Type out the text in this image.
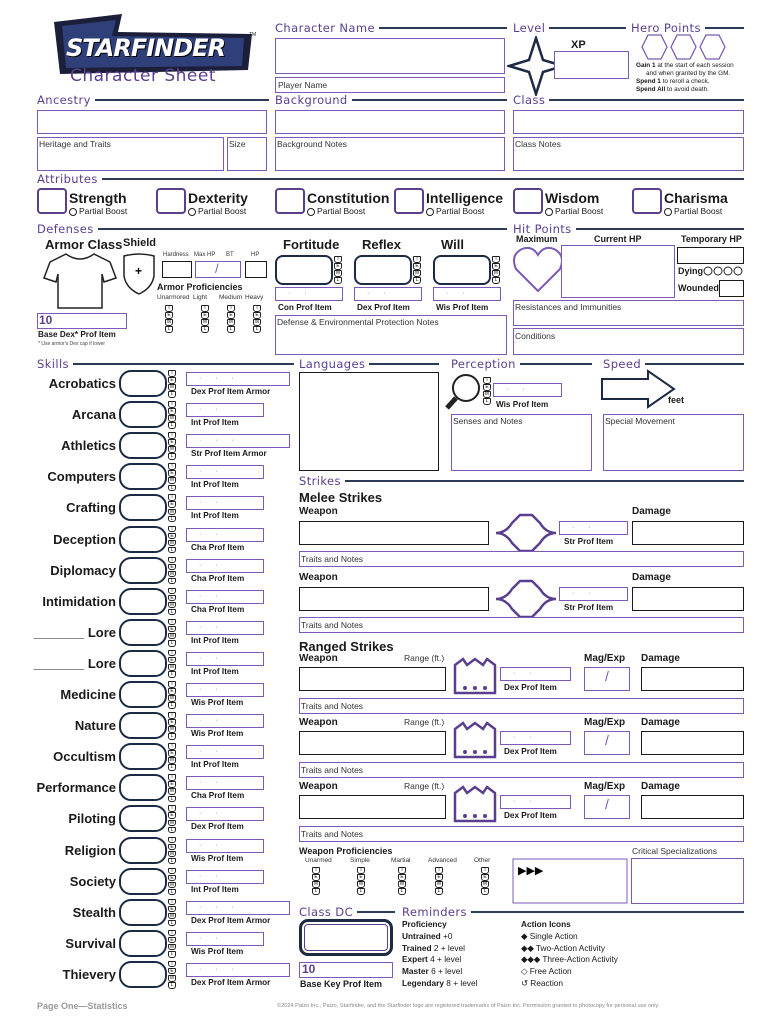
STARFINDER	TM
Character Sheet
Character Name
Player Name
Level
XP
Hero Points
Gain 1 at the start of each session
and when granted by the GM.
Spend 1 to reroll a check.
Spend All to avoid death.
Ancestry
Heritage and Traits	Size
Background
Background Notes
Class
Class Notes
Attributes
Strength
Partial Boost
Dexterity
Partial Boost
Constitution
Partial Boost
Intelligence
Partial Boost
Wisdom
Partial Boost
Charisma
Partial Boost
Defenses
Armor Class Shield
+
Hardness Max HP BT	HP
/
Armor Proficiencies
Unarmored
T
E
M
L
Light
T
E
M
L
Medium
T
E
M
L
Heavy
T
E
M
L
10
Base Dex* Prof Item
* Use armor's Dex cap if lower
Fortitude
T
E
M
L
· ·
Con Prof Item
Reflex
T
E
M
L
· ·
Dex Prof Item
Will
T
E
M
L
· ·
Wis Prof Item
Defense & Environmental Protection Notes
Hit Points
Maximum	Current HP	Temporary HP
Dying
Wounded
Resistances and Immunities
Conditions
Skills
Acrobatics
T
E
M
L
· · ·
Dex Prof Item Armor
Arcana
T
E
M
L
· ·
Int Prof Item
Athletics
T
E
M
L
· · ·
Str Prof Item Armor
Computers
T
E
M
L
· ·
Int Prof Item
Crafting
T
E
M
L
· ·
Int Prof Item
Deception
T
E
M
L
· ·
Cha Prof Item
Diplomacy
T
E
M
L
· ·
Cha Prof Item
Intimidation
T
E
M
L
· ·
Cha Prof Item
_______ Lore
T
E
M
L
· ·
Int Prof Item
_______ Lore
T
E
M
L
· ·
Int Prof Item
Medicine
T
E
M
L
· ·
Wis Prof Item
Nature
T
E
M
L
· ·
Wis Prof Item
Occultism
T
E
M
L
· ·
Int Prof Item
Performance
T
E
M
L
· ·
Cha Prof Item
Piloting
T
E
M
L
· ·
Dex Prof Item
Religion
T
E
M
L
· ·
Wis Prof Item
Society
T
E
M
L
· ·
Int Prof Item
Stealth
T
E
M
L
· · ·
Dex Prof Item Armor
Survival
T
E
M
L
· ·
Wis Prof Item
Thievery
T
E
M
L
· · ·
Dex Prof Item Armor
Languages	Perception
T
E
M
L
· ·
Wis Prof Item
Senses and Notes
Speed
feet
Special Movement
Strikes
Melee Strikes
Ranged Strikes
Weapon
· ·
Str Prof Item
Damage
Traits and Notes
Weapon
· ·
Str Prof Item
Damage
Traits and Notes
Weapon	Range (ft.)
· ·
Dex Prof Item
Mag/Exp
/
Damage
Traits and Notes
Weapon	Range (ft.)
· ·
Dex Prof Item
Mag/Exp
/
Damage
Traits and Notes
Weapon	Range (ft.)
· ·
Dex Prof Item
Mag/Exp
/
Damage
Traits and Notes
Weapon Proficiencies
Unarmed
T
E
M
L
Simple
T
E
M
L
Martial
T
E
M
L
Advanced
T
E
M
L
Other
T
E
M
L
▶▶▶
Critical Specializations
Class DC
10
Base Key Prof Item
Reminders
Proficiency
Untrained +0
Trained 2 + level
Expert 4 + level
Master 6 + level
Legendary 8 + level
Action Icons
◆ Single Action
◆◆ Two-Action Activity
◆◆◆ Three-Action Activity
◇ Free Action
↺ Reaction
Page One—Statistics	©2024 Paizo Inc., Paizo, Starfinder, and the Starfinder logo are registered trademarks of Paizo Inc. Permission granted to photocopy for personal use only.
